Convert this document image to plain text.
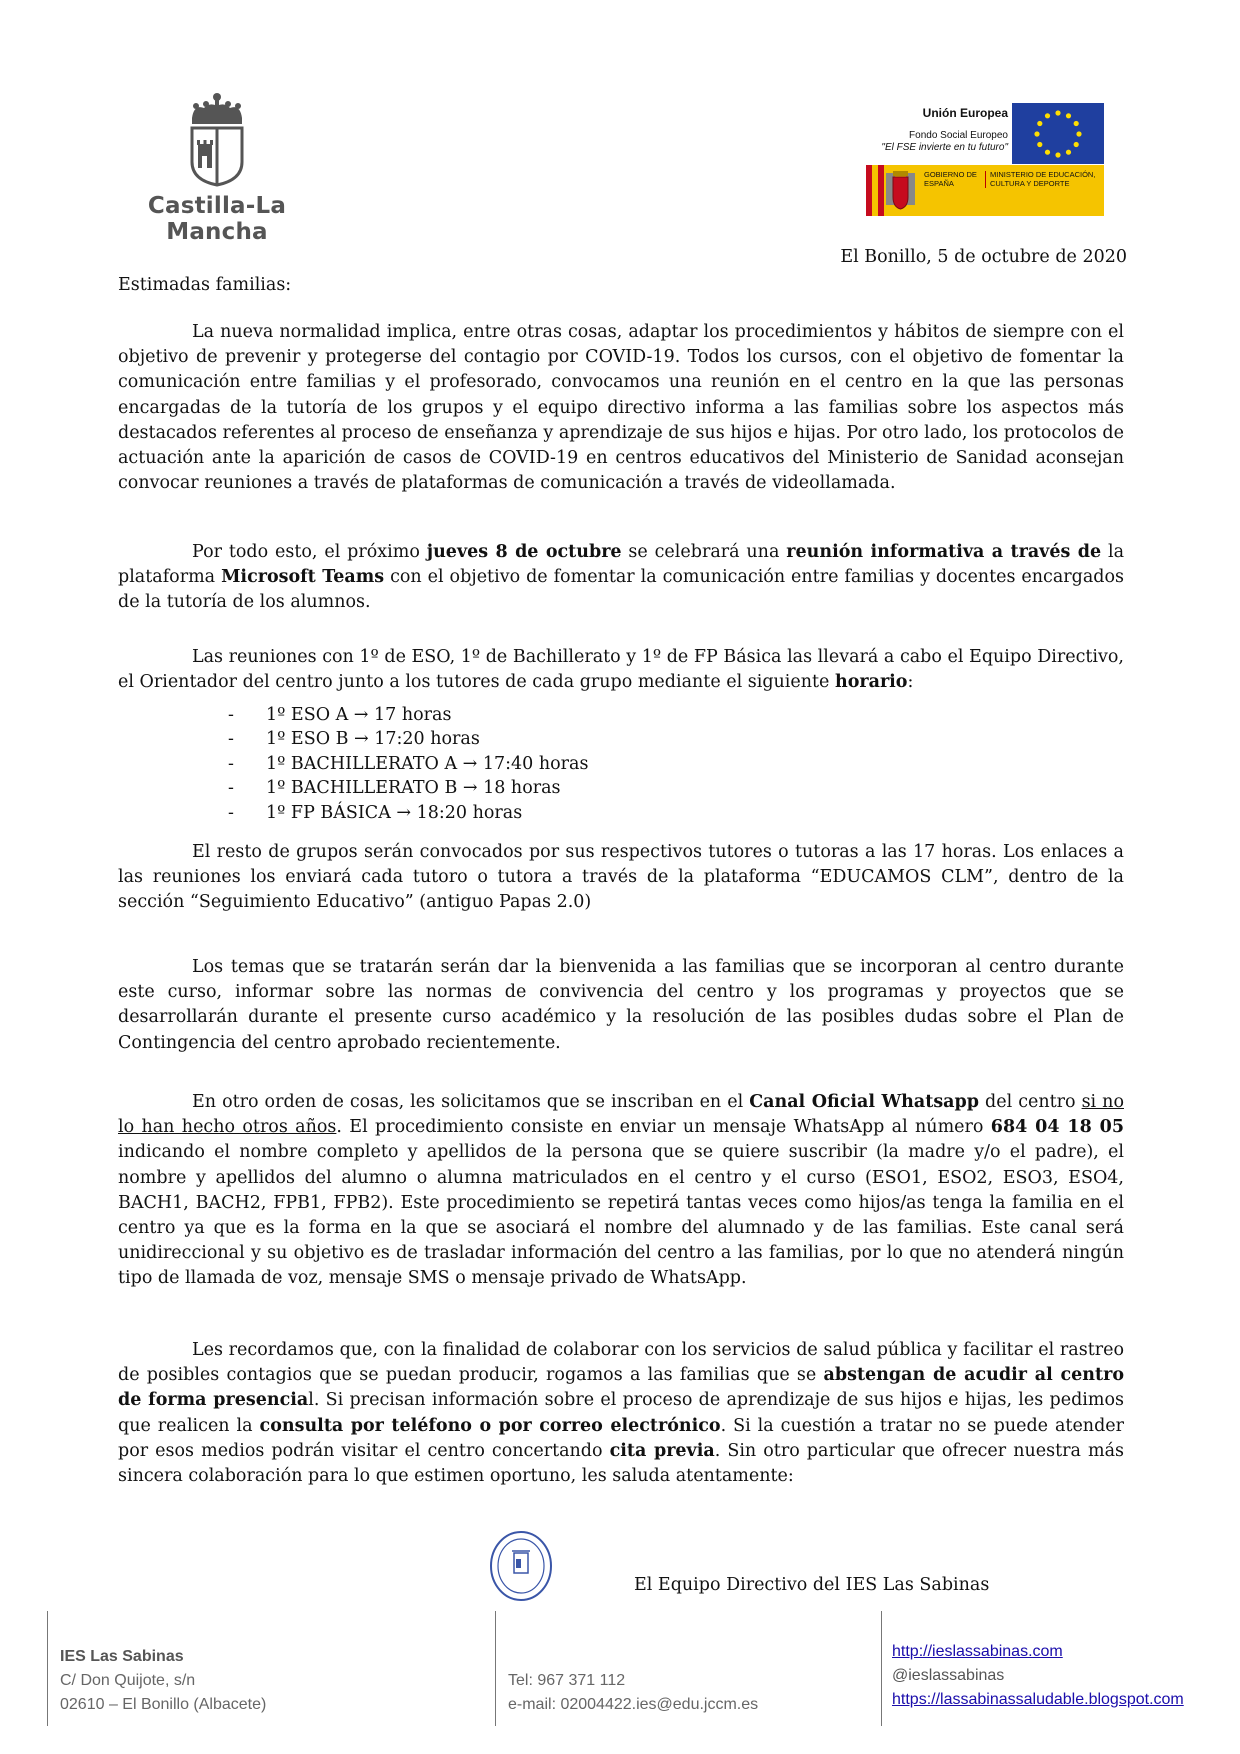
Castilla-La Mancha
Unión Europea
Fondo Social Europeo
"El FSE invierte en tu futuro"
GOBIERNO DE ESPAÑA
MINISTERIO DE EDUCACIÓN, CULTURA Y DEPORTE
El Bonillo, 5 de octubre de 2020
Estimadas familias:

La nueva normalidad implica, entre otras cosas, adaptar los procedimientos y hábitos de siempre con el objetivo de prevenir y protegerse del contagio por COVID-19. Todos los cursos, con el objetivo de fomentar la comunicación entre familias y el profesorado, convocamos una reunión en el centro en la que las personas encargadas de la tutoría de los grupos y el equipo directivo informa a las familias sobre los aspectos más destacados referentes al proceso de enseñanza y aprendizaje de sus hijos e hijas. Por otro lado, los protocolos de actuación ante la aparición de casos de COVID-19 en centros educativos del Ministerio de Sanidad aconsejan convocar reuniones a través de plataformas de comunicación a través de videollamada.

Por todo esto, el próximo jueves 8 de octubre se celebrará una reunión informativa a través de la plataforma Microsoft Teams con el objetivo de fomentar la comunicación entre familias y docentes encargados de la tutoría de los alumnos.

Las reuniones con 1º de ESO, 1º de Bachillerato y 1º de FP Básica las llevará a cabo el Equipo Directivo, el Orientador del centro junto a los tutores de cada grupo mediante el siguiente horario:

- 1º ESO A → 17 horas
- 1º ESO B → 17:20 horas
- 1º BACHILLERATO A → 17:40 horas
- 1º BACHILLERATO B → 18 horas
- 1º FP BÁSICA → 18:20 horas

El resto de grupos serán convocados por sus respectivos tutores o tutoras a las 17 horas. Los enlaces a las reuniones los enviará cada tutoro o tutora a través de la plataforma “EDUCAMOS CLM”, dentro de la sección “Seguimiento Educativo” (antiguo Papas 2.0)

Los temas que se tratarán serán dar la bienvenida a las familias que se incorporan al centro durante este curso, informar sobre las normas de convivencia del centro y los programas y proyectos que se desarrollarán durante el presente curso académico y la resolución de las posibles dudas sobre el Plan de Contingencia del centro aprobado recientemente.

En otro orden de cosas, les solicitamos que se inscriban en el Canal Oficial Whatsapp del centro si no lo han hecho otros años. El procedimiento consiste en enviar un mensaje WhatsApp al número 684 04 18 05 indicando el nombre completo y apellidos de la persona que se quiere suscribir (la madre y/o el padre), el nombre y apellidos del alumno o alumna matriculados en el centro y el curso (ESO1, ESO2, ESO3, ESO4, BACH1, BACH2, FPB1, FPB2). Este procedimiento se repetirá tantas veces como hijos/as tenga la familia en el centro ya que es la forma en la que se asociará el nombre del alumnado y de las familias. Este canal será unidireccional y su objetivo es de trasladar información del centro a las familias, por lo que no atenderá ningún tipo de llamada de voz, mensaje SMS o mensaje privado de WhatsApp.

Les recordamos que, con la finalidad de colaborar con los servicios de salud pública y facilitar el rastreo de posibles contagios que se puedan producir, rogamos a las familias que se abstengan de acudir al centro de forma presencial. Si precisan información sobre el proceso de aprendizaje de sus hijos e hijas, les pedimos que realicen la consulta por teléfono o por correo electrónico. Si la cuestión a tratar no se puede atender por esos medios podrán visitar el centro concertando cita previa. Sin otro particular que ofrecer nuestra más sincera colaboración para lo que estimen oportuno, les saluda atentamente:

El Equipo Directivo del IES Las Sabinas
IES Las Sabinas
C/ Don Quijote, s/n
02610 – El Bonillo (Albacete)
Tel: 967 371 112
e-mail: 02004422.ies@edu.jccm.es
http://ieslassabinas.com
@ieslassabinas
https://lassabinassaludable.blogspot.com
